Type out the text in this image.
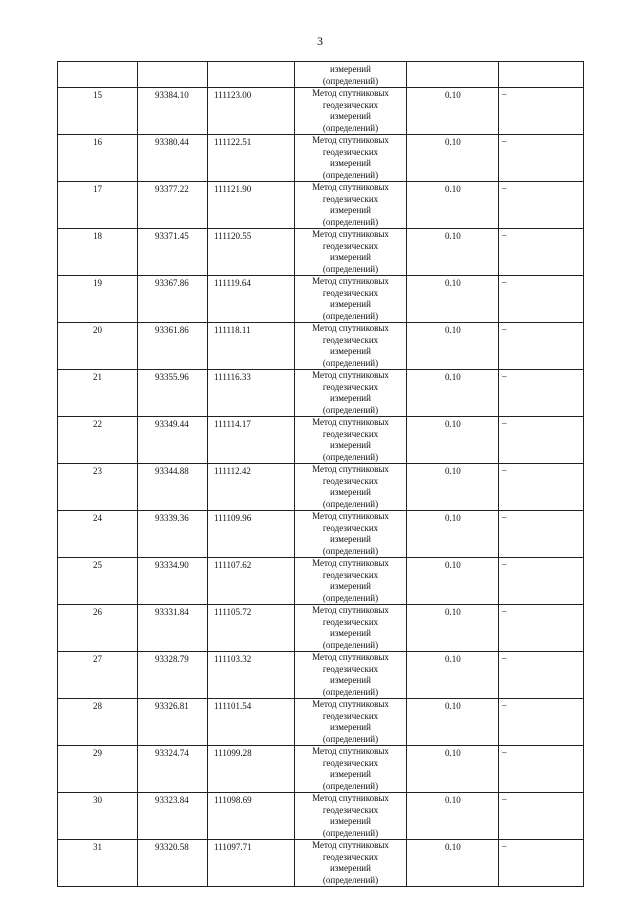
3

			измерений
(определений)		

15	93384.10	111123.00	Метод спутниковых
геодезических
измерений
(определений)	0.10	–
16	93380.44	111122.51	Метод спутниковых
геодезических
измерений
(определений)	0.10	–
17	93377.22	111121.90	Метод спутниковых
геодезических
измерений
(определений)	0.10	–
18	93371.45	111120.55	Метод спутниковых
геодезических
измерений
(определений)	0.10	–
19	93367.86	111119.64	Метод спутниковых
геодезических
измерений
(определений)	0.10	–
20	93361.86	111118.11	Метод спутниковых
геодезических
измерений
(определений)	0.10	–
21	93355.96	111116.33	Метод спутниковых
геодезических
измерений
(определений)	0.10	–
22	93349.44	111114.17	Метод спутниковых
геодезических
измерений
(определений)	0.10	–
23	93344.88	111112.42	Метод спутниковых
геодезических
измерений
(определений)	0.10	–
24	93339.36	111109.96	Метод спутниковых
геодезических
измерений
(определений)	0.10	–
25	93334.90	111107.62	Метод спутниковых
геодезических
измерений
(определений)	0.10	–
26	93331.84	111105.72	Метод спутниковых
геодезических
измерений
(определений)	0.10	–
27	93328.79	111103.32	Метод спутниковых
геодезических
измерений
(определений)	0.10	–
28	93326.81	111101.54	Метод спутниковых
геодезических
измерений
(определений)	0.10	–
29	93324.74	111099.28	Метод спутниковых
геодезических
измерений
(определений)	0.10	–
30	93323.84	111098.69	Метод спутниковых
геодезических
измерений
(определений)	0.10	–
31	93320.58	111097.71	Метод спутниковых
геодезических
измерений
(определений)	0.10	–
